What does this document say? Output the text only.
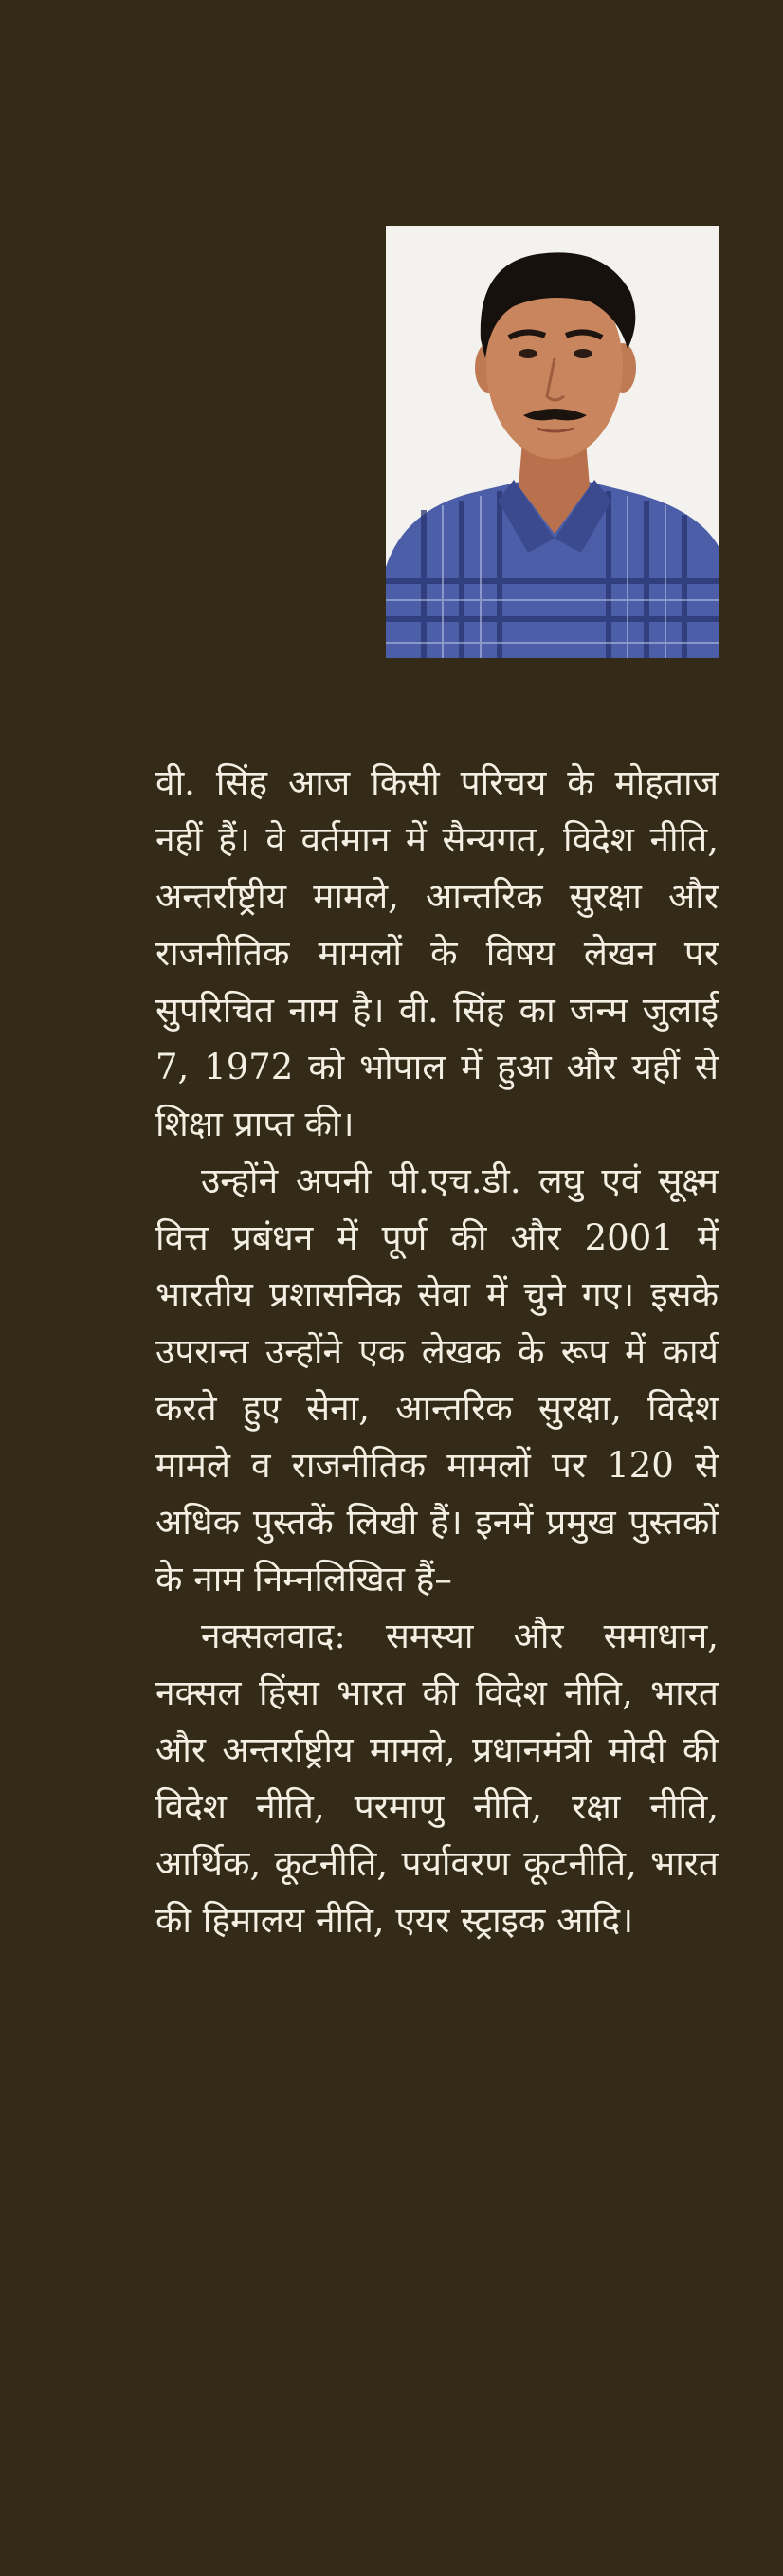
वी. सिंह आज किसी परिचय के मोहताज नहीं हैं। वे वर्तमान में सैन्यगत, विदेश नीति, अन्तर्राष्ट्रीय मामले, आन्तरिक सुरक्षा और राजनीतिक मामलों के विषय लेखन पर सुपरिचित नाम है। वी. सिंह का जन्म जुलाई 7, 1972 को भोपाल में हुआ और यहीं से शिक्षा प्राप्त की।

उन्होंने अपनी पी.एच.डी. लघु एवं सूक्ष्म वित्त प्रबंधन में पूर्ण की और 2001 में भारतीय प्रशासनिक सेवा में चुने गए। इसके उपरान्त उन्होंने एक लेखक के रूप में कार्य करते हुए सेना, आन्तरिक सुरक्षा, विदेश मामले व राजनीतिक मामलों पर 120 से अधिक पुस्तकें लिखी हैं। इनमें प्रमुख पुस्तकों के नाम निम्नलिखित हैं–

नक्सलवाद: समस्या और समाधान, नक्सल हिंसा भारत की विदेश नीति, भारत और अन्तर्राष्ट्रीय मामले, प्रधानमंत्री मोदी की विदेश नीति, परमाणु नीति, रक्षा नीति, आर्थिक, कूटनीति, पर्यावरण कूटनीति, भारत की हिमालय नीति, एयर स्ट्राइक आदि।
